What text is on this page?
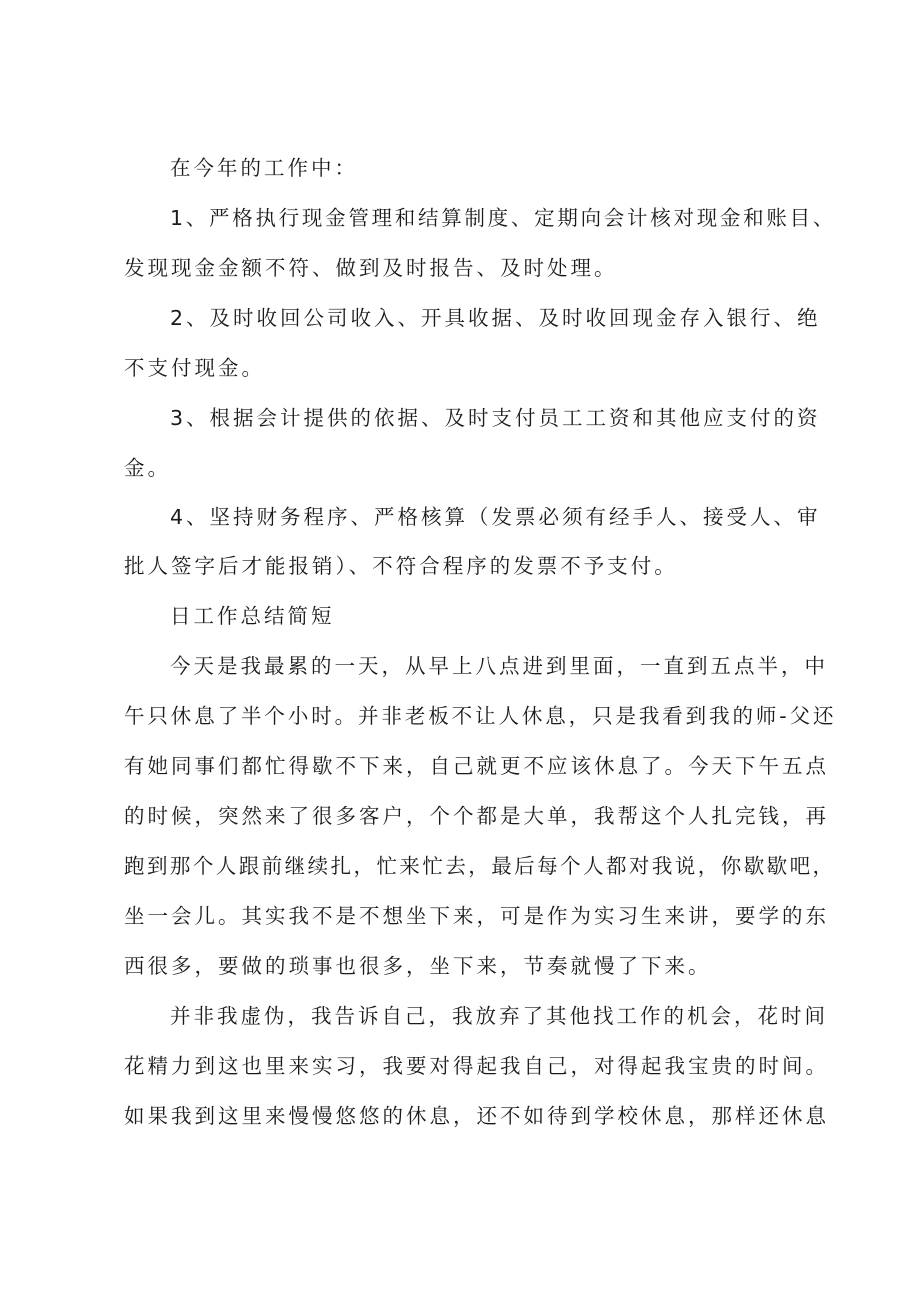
在今年的工作中：
1、严格执行现金管理和结算制度、定期向会计核对现金和账目、
发现现金金额不符、做到及时报告、及时处理。
2、及时收回公司收入、开具收据、及时收回现金存入银行、绝
不支付现金。
3、根据会计提供的依据、及时支付员工工资和其他应支付的资
金。
4、坚持财务程序、严格核算（发票必须有经手人、接受人、审
批人签字后才能报销）、不符合程序的发票不予支付。
日工作总结简短
今天是我最累的一天，从早上八点进到里面，一直到五点半，中
午只休息了半个小时。并非老板不让人休息，只是我看到我的师-父还
有她同事们都忙得歇不下来，自己就更不应该休息了。今天下午五点
的时候，突然来了很多客户，个个都是大单，我帮这个人扎完钱，再
跑到那个人跟前继续扎，忙来忙去，最后每个人都对我说，你歇歇吧，
坐一会儿。其实我不是不想坐下来，可是作为实习生来讲，要学的东
西很多，要做的琐事也很多，坐下来，节奏就慢了下来。
并非我虚伪，我告诉自己，我放弃了其他找工作的机会，花时间
花精力到这也里来实习，我要对得起我自己，对得起我宝贵的时间。
如果我到这里来慢慢悠悠的休息，还不如待到学校休息，那样还休息
